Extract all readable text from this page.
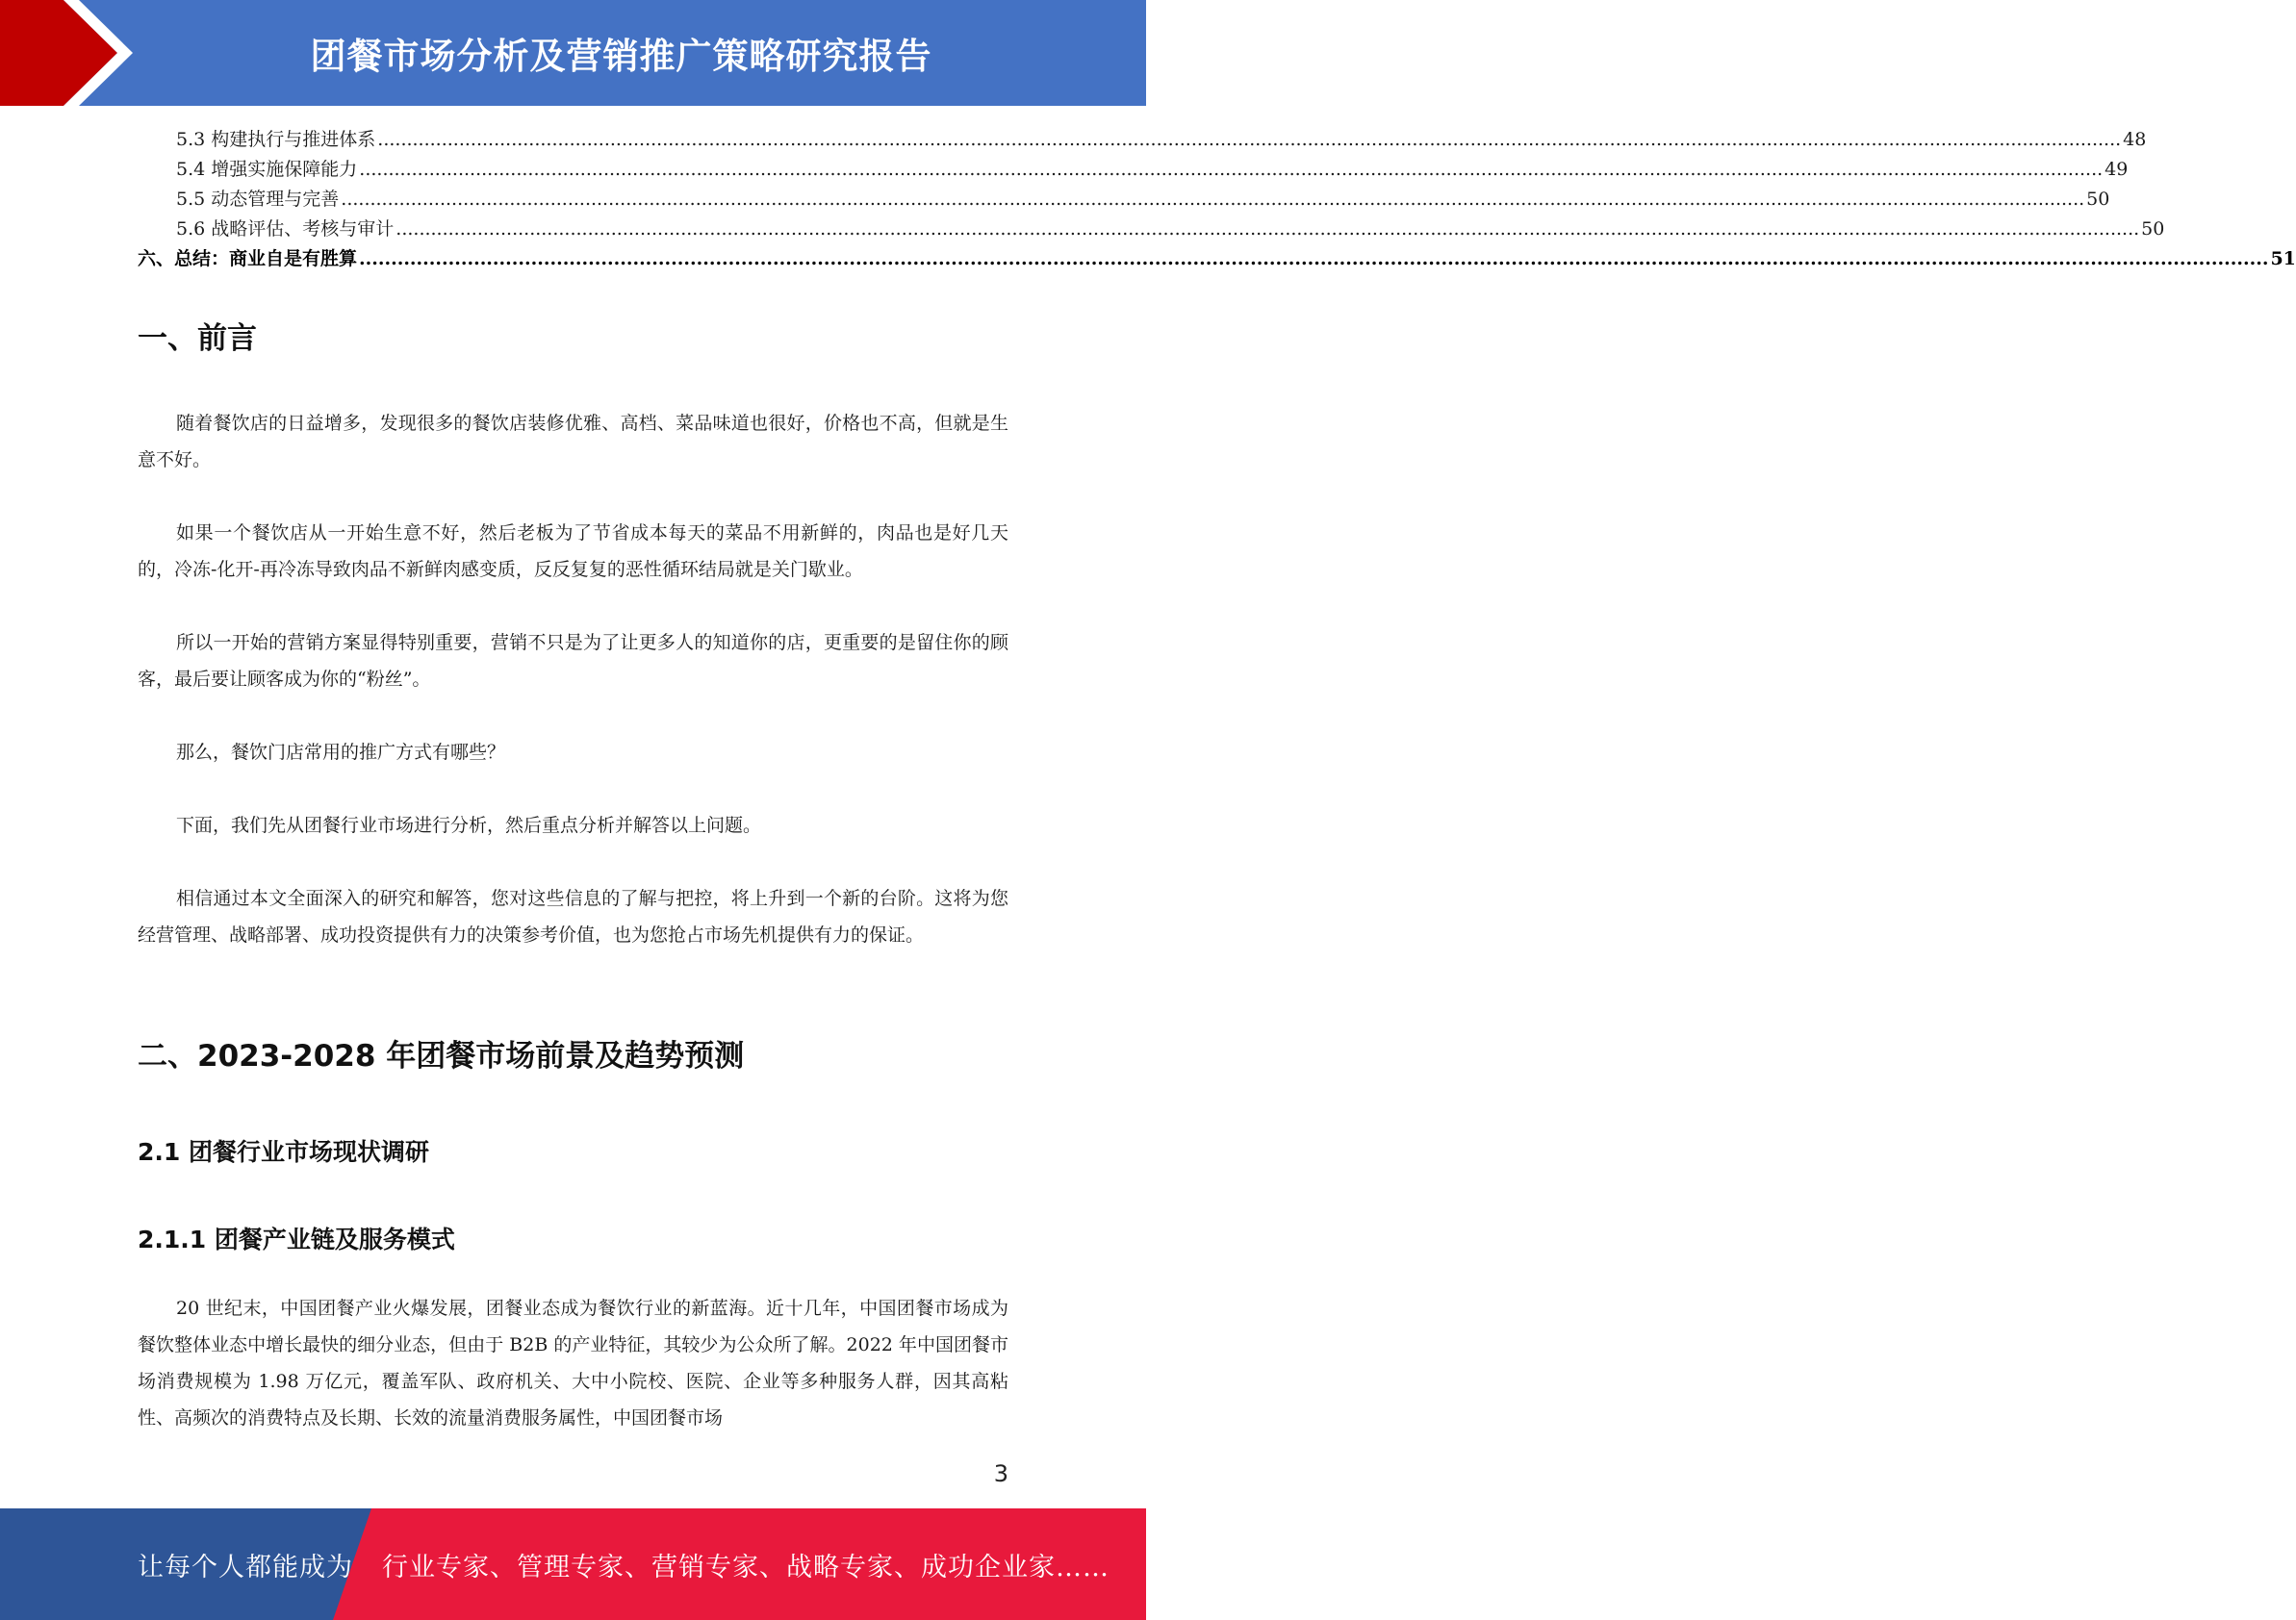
团餐市场分析及营销推广策略研究报告
5.3
构建执行与推进体系 ............................................................................................................................................................................................................................................................................................................ 48
5.4
增强实施保障能力 ............................................................................................................................................................................................................................................................................................................ 49
5.5
动态管理与完善 ............................................................................................................................................................................................................................................................................................................ 50
5.6
战略评估、考核与审计 ............................................................................................................................................................................................................................................................................................................ 50
六、总结：商业自是有胜算 ............................................................................................................................................................................................................................................................................................................ 51
一、前言
随着餐饮店的日益增多，发现很多的餐饮店装修优雅、高档、菜品味道也很好，价格也不高，但就是生意不好。
如果一个餐饮店从一开始生意不好，然后老板为了节省成本每天的菜品不用新鲜的，肉品也是好几天的，冷冻-化开-再冷冻导致肉品不新鲜肉感变质，反反复复的恶性循环结局就是关门歇业。
所以一开始的营销方案显得特别重要，营销不只是为了让更多人的知道你的店，更重要的是留住你的顾客，最后要让顾客成为你的“粉丝”。
那么，餐饮门店常用的推广方式有哪些？
下面，我们先从团餐行业市场进行分析，然后重点分析并解答以上问题。
相信通过本文全面深入的研究和解答，您对这些信息的了解与把控，将上升到一个新的台阶。这将为您经营管理、战略部署、成功投资提供有力的决策参考价值，也为您抢占市场先机提供有力的保证。
二、2023-2028 年团餐市场前景及趋势预测
2.1 团餐行业市场现状调研
2.1.1 团餐产业链及服务模式
20 世纪末，中国团餐产业火爆发展，团餐业态成为餐饮行业的新蓝海。近十几年，中国团餐市场成为餐饮整体业态中增长最快的细分业态，但由于 B2B 的产业特征，其较少为公众所了解。2022 年中国团餐市场消费规模为 1.98 万亿元，覆盖军队、政府机关、大中小院校、医院、企业等多种服务人群，因其高粘性、高频次的消费特点及长期、长效的流量消费服务属性，中国团餐市场
3
让每个人都能成为 行业专家、管理专家、营销专家、战略专家、成功企业家……
